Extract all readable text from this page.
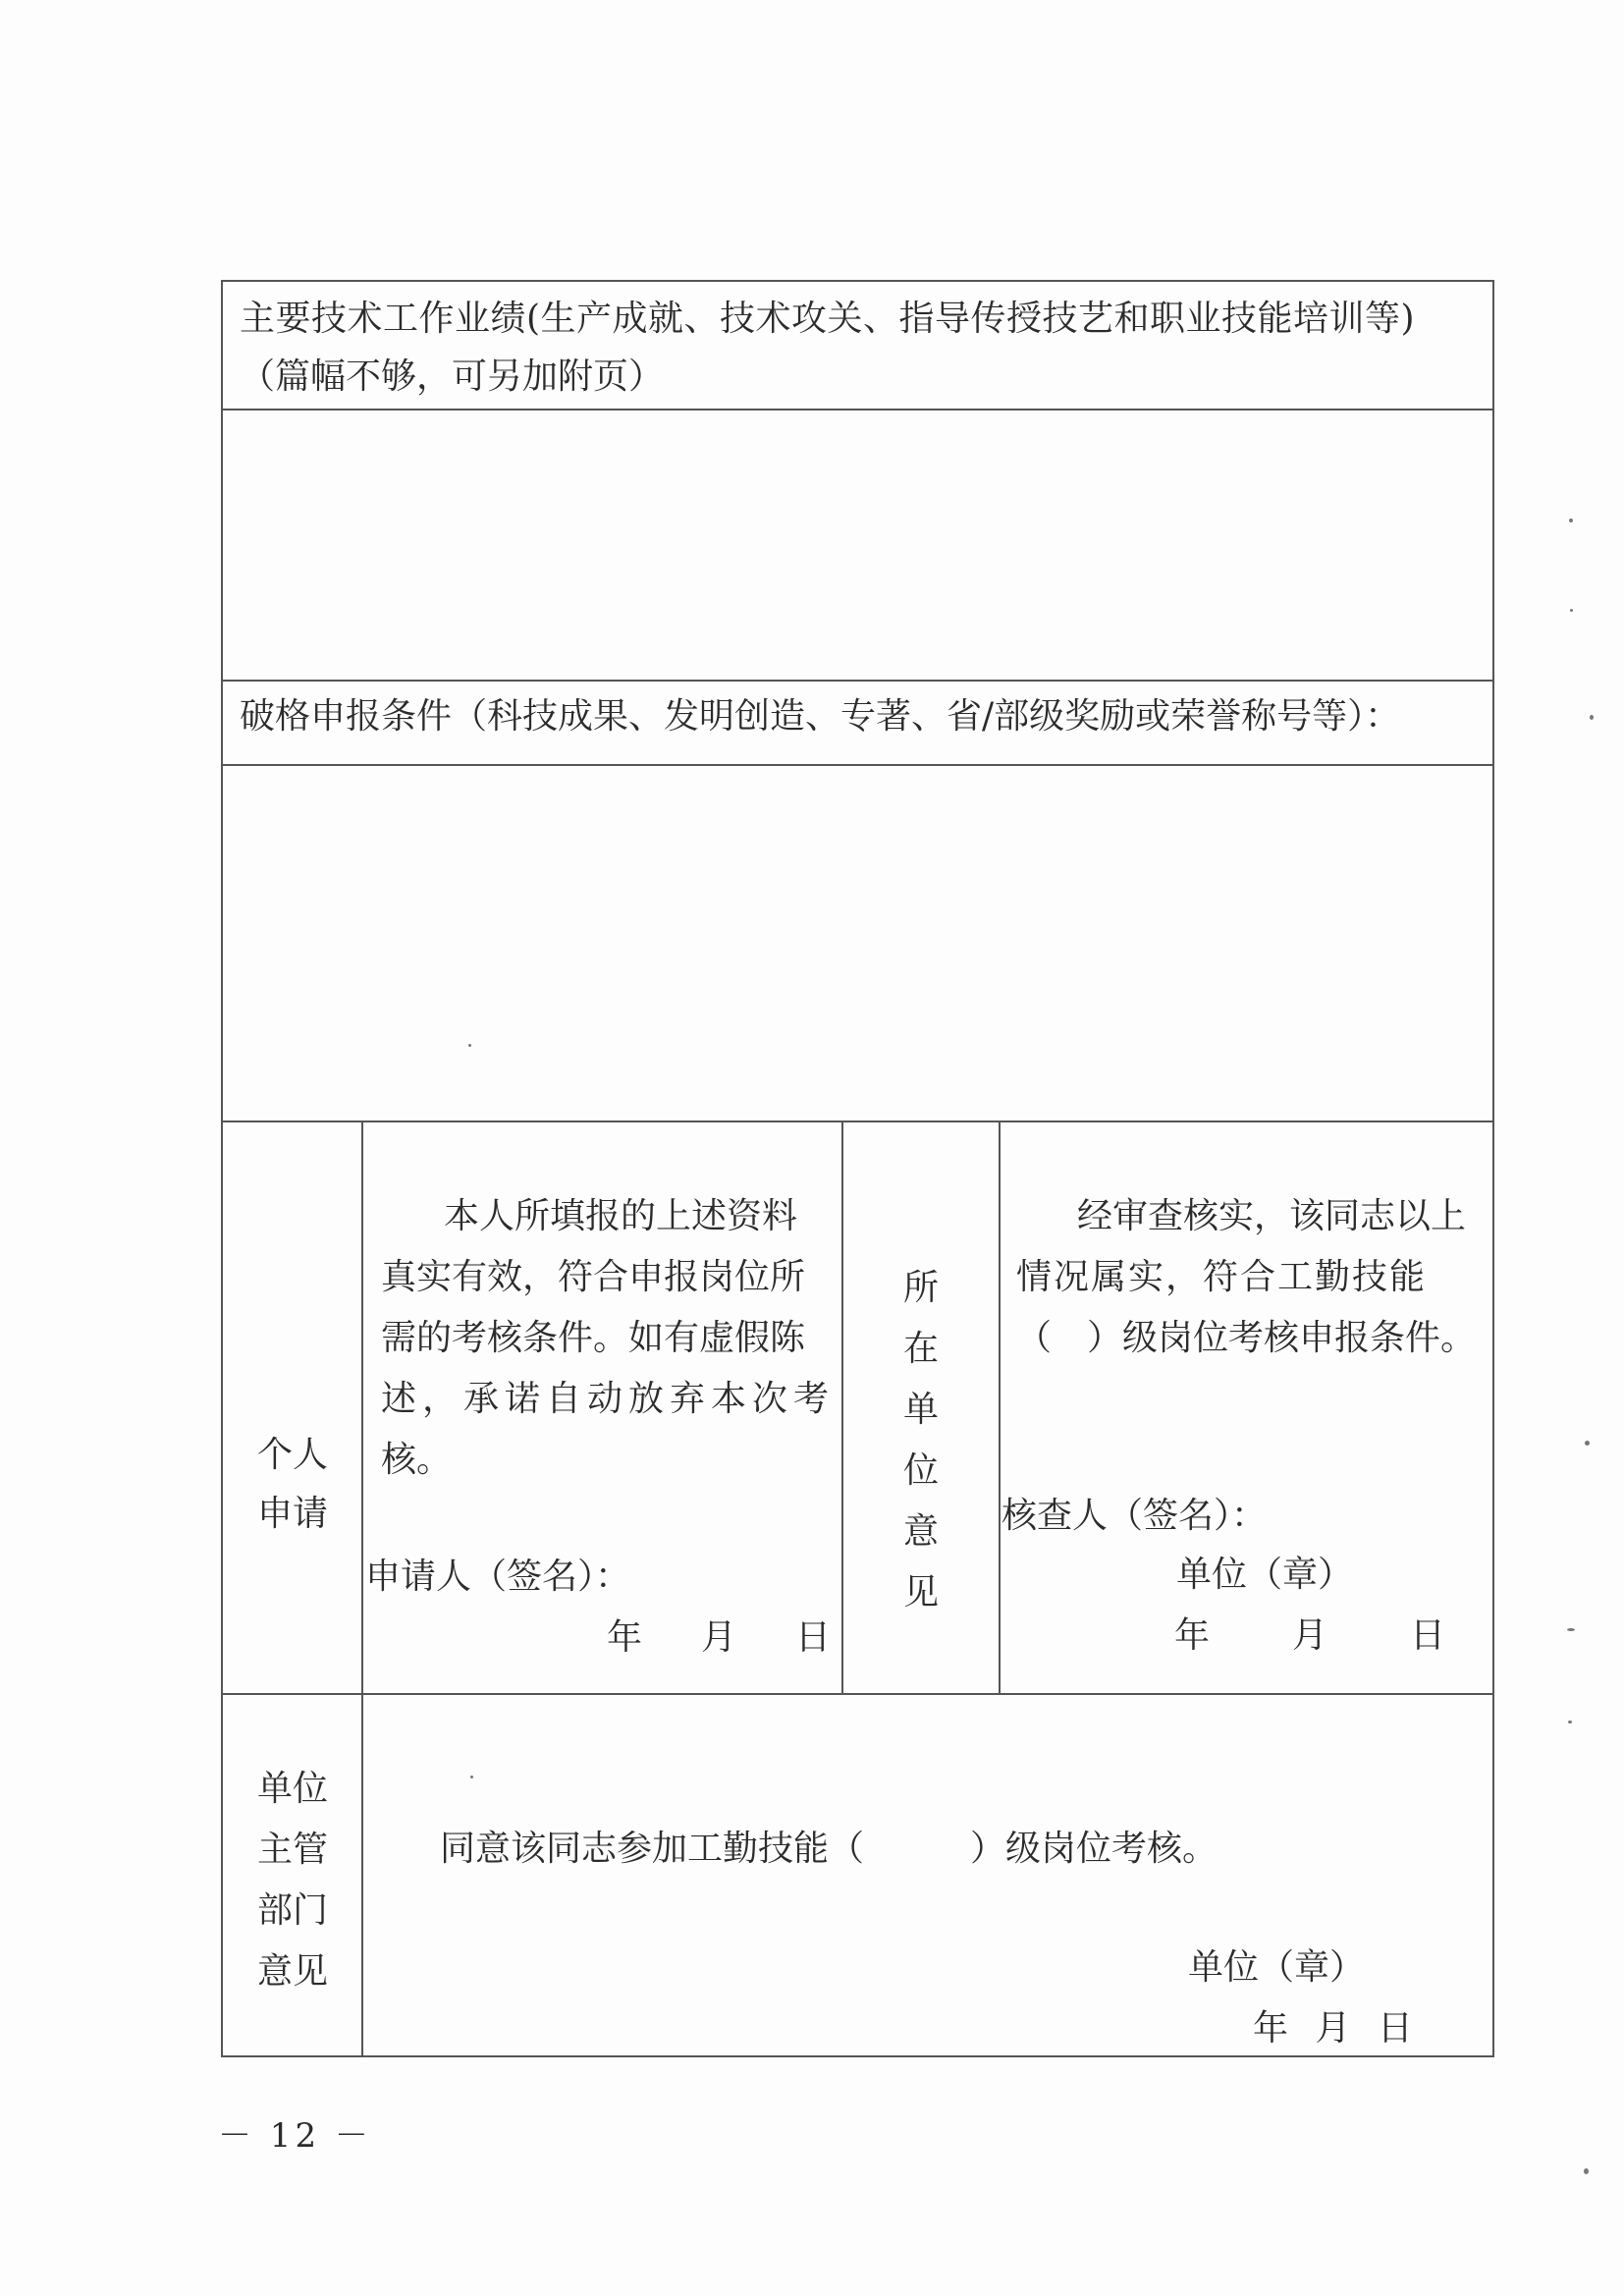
主要技术工作业绩(生产成就、技术攻关、指导传授技艺和职业技能培训等)
（篇幅不够，可另加附页）
破格申报条件（科技成果、发明创造、专著、省/部级奖励或荣誉称号等）：
个人
申请
本人所填报的上述资料
真实有效，符合申报岗位所
需的考核条件。如有虚假陈
述，承诺自动放弃本次考
核。
申请人（签名）：
年　月　日
所
在
单
位
意
见
经审查核实，该同志以上
情况属实，符合工勤技能
（　）级岗位考核申报条件。
核查人（签名）：
单位（章）
年　　月　　日
单位
主管
部门
意见
同意该同志参加工勤技能（　　　）级岗位考核。
单位（章）
年 月 日
－ 12 －
